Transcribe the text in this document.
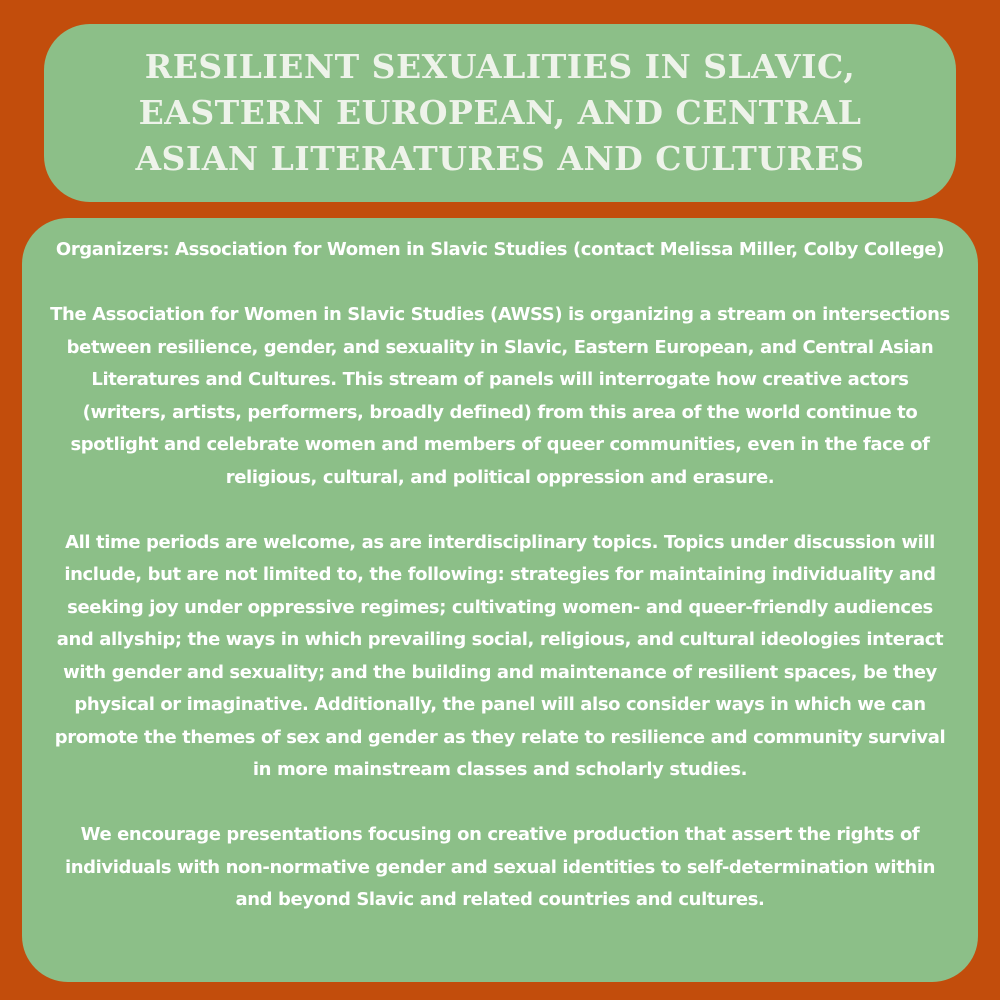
RESILIENT SEXUALITIES IN SLAVIC, EASTERN EUROPEAN, AND CENTRAL ASIAN LITERATURES AND CULTURES

Organizers: Association for Women in Slavic Studies (contact Melissa Miller, Colby College)

The Association for Women in Slavic Studies (AWSS) is organizing a stream on intersections between resilience, gender, and sexuality in Slavic, Eastern European, and Central Asian Literatures and Cultures. This stream of panels will interrogate how creative actors (writers, artists, performers, broadly defined) from this area of the world continue to spotlight and celebrate women and members of queer communities, even in the face of religious, cultural, and political oppression and erasure.

All time periods are welcome, as are interdisciplinary topics. Topics under discussion will include, but are not limited to, the following: strategies for maintaining individuality and seeking joy under oppressive regimes; cultivating women- and queer-friendly audiences and allyship; the ways in which prevailing social, religious, and cultural ideologies interact with gender and sexuality; and the building and maintenance of resilient spaces, be they physical or imaginative. Additionally, the panel will also consider ways in which we can promote the themes of sex and gender as they relate to resilience and community survival in more mainstream classes and scholarly studies.

We encourage presentations focusing on creative production that assert the rights of individuals with non-normative gender and sexual identities to self-determination within and beyond Slavic and related countries and cultures.
